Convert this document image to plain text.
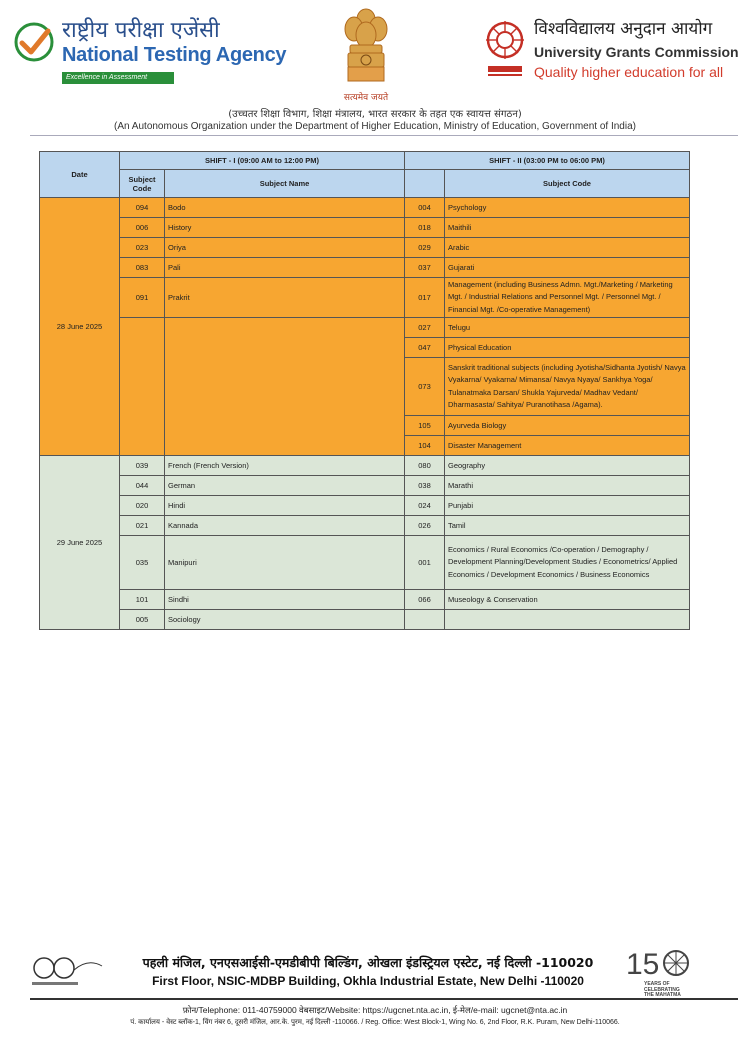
राष्ट्रीय परीक्षा एजेंसी
National Testing Agency
Excellence in Assessment
सत्यमेव जयते
विश्वविद्यालय अनुदान आयोग
University Grants Commission
Quality higher education for all
(उच्चतर शिक्षा विभाग, शिक्षा मंत्रालय, भारत सरकार के तहत एक स्वायत्त संगठन)
(An Autonomous Organization under the Department of Higher Education, Ministry of Education, Government of India)
Date	SHIFT - I (09:00 AM to 12:00 PM)		SHIFT - II (03:00 PM to 06:00 PM)	
	Subject Code	Subject Name		Subject Code
28 June 2025	094	Bodo	004	Psychology
	006	History	018	Maithili
	023	Oriya	029	Arabic
	083	Pali	037	Gujarati
	091	Prakrit	017	Management (including Business Admn. Mgt./Marketing / Marketing Mgt. / Industrial Relations and Personnel Mgt. / Personnel Mgt. / Financial Mgt. /Co-operative Management)
			027	Telugu
			047	Physical Education
			073	Sanskrit traditional subjects (including Jyotisha/Sidhanta Jyotish/ Navya Vyakarna/ Vyakarna/ Mimansa/ Navya Nyaya/ Sankhya Yoga/ Tulanatmaka Darsan/ Shukla Yajurveda/ Madhav Vedant/ Dharmasasta/ Sahitya/ Puranotihasa /Agama).
			105	Ayurveda Biology
			104	Disaster Management
29 June 2025	039	French (French Version)	080	Geography
	044	German	038	Marathi
	020	Hindi	024	Punjabi
	021	Kannada	026	Tamil
	035	Manipuri	001	Economics / Rural Economics /Co-operation / Demography / Development Planning/Development Studies / Econometrics/ Applied Economics / Development Economics / Business Economics
	101	Sindhi	066	Museology & Conservation
	005	Sociology		
पहली मंजिल, एनएसआईसी-एमडीबीपी बिल्डिंग, ओखला इंडस्ट्रियल एस्टेट, नई दिल्ली -110020
First Floor, NSIC-MDBP Building, Okhla Industrial Estate, New Delhi -110020	15
YEARS OF
CELEBRATING
THE MAHATMA
फ़ोन/Telephone: 011-40759000 वेबसाइट/Website: https://ugcnet.nta.ac.in, ई-मेल/e-mail: ugcnet@nta.ac.in
पं. कार्यालय - वेस्ट ब्लॉक-1, विंग नंबर 6, दूसरी मंजिल, आर.के. पुरम, नई दिल्ली -110066. / Reg. Office: West Block-1, Wing No. 6, 2nd Floor, R.K. Puram, New Delhi-110066.
